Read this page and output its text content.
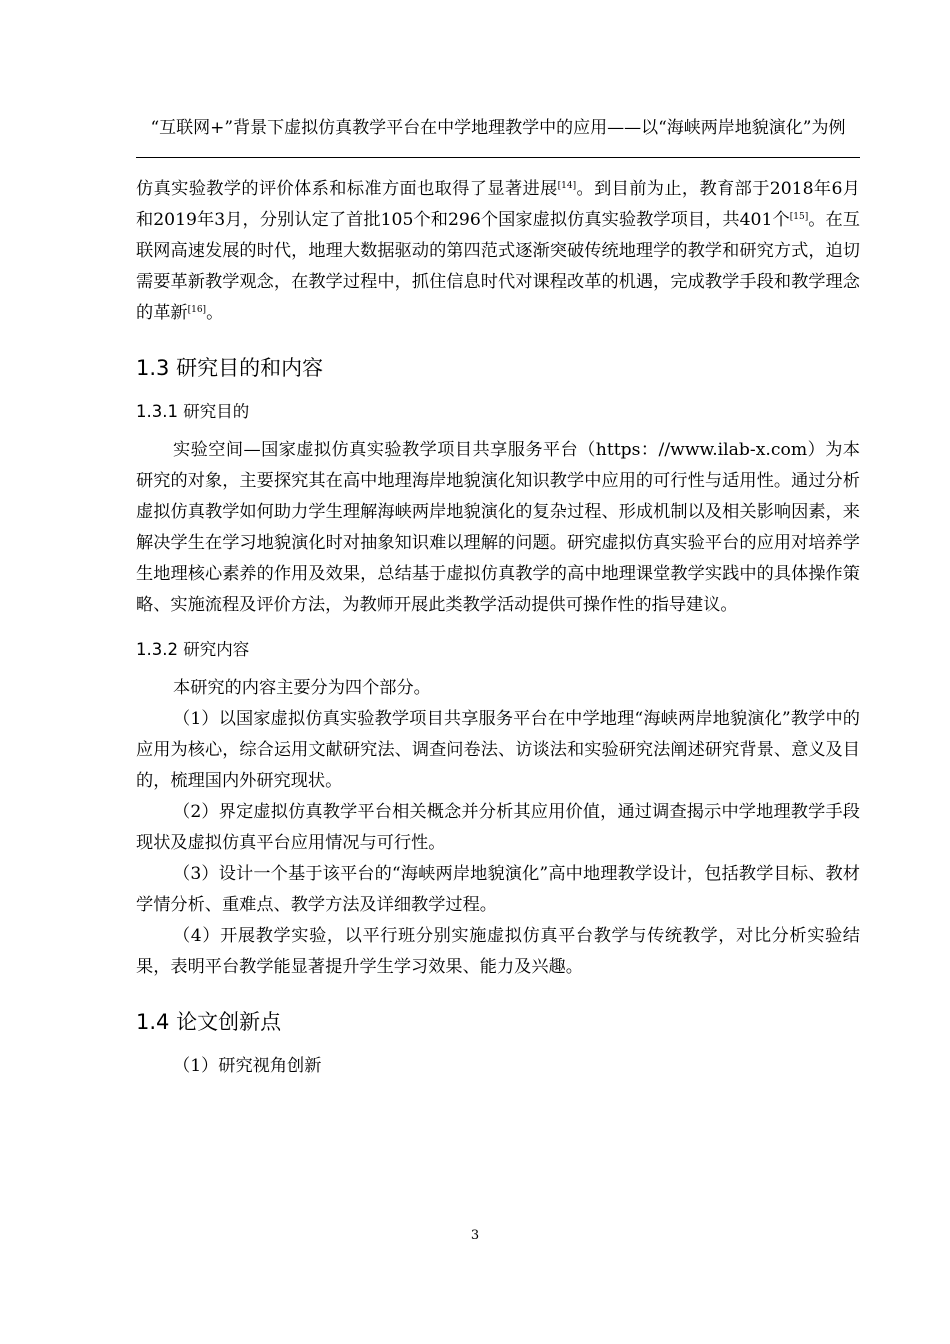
“互联网+”背景下虚拟仿真教学平台在中学地理教学中的应用——以“海峡两岸地貌演化”为例

仿真实验教学的评价体系和标准方面也取得了显著进展[14]。到目前为止，教育部于2018年6月和2019年3月，分别认定了首批105个和296个国家虚拟仿真实验教学项目，共401个[15]。在互联网高速发展的时代，地理大数据驱动的第四范式逐渐突破传统地理学的教学和研究方式，迫切需要革新教学观念，在教学过程中，抓住信息时代对课程改革的机遇，完成教学手段和教学理念的革新[16]。

1.3 研究目的和内容
1.3.1 研究目的

实验空间—国家虚拟仿真实验教学项目共享服务平台（https：//www.ilab-x.com）为本研究的对象，主要探究其在高中地理海岸地貌演化知识教学中应用的可行性与适用性。通过分析虚拟仿真教学如何助力学生理解海峡两岸地貌演化的复杂过程、形成机制以及相关影响因素，来解决学生在学习地貌演化时对抽象知识难以理解的问题。研究虚拟仿真实验平台的应用对培养学生地理核心素养的作用及效果，总结基于虚拟仿真教学的高中地理课堂教学实践中的具体操作策略、实施流程及评价方法，为教师开展此类教学活动提供可操作性的指导建议。

1.3.2 研究内容

本研究的内容主要分为四个部分。

（1）以国家虚拟仿真实验教学项目共享服务平台在中学地理“海峡两岸地貌演化”教学中的应用为核心，综合运用文献研究法、调查问卷法、访谈法和实验研究法阐述研究背景、意义及目的，梳理国内外研究现状。

（2）界定虚拟仿真教学平台相关概念并分析其应用价值，通过调查揭示中学地理教学手段现状及虚拟仿真平台应用情况与可行性。

（3）设计一个基于该平台的“海峡两岸地貌演化”高中地理教学设计，包括教学目标、教材学情分析、重难点、教学方法及详细教学过程。

（4）开展教学实验，以平行班分别实施虚拟仿真平台教学与传统教学，对比分析实验结果，表明平台教学能显著提升学生学习效果、能力及兴趣。

1.4 论文创新点

（1）研究视角创新

3
